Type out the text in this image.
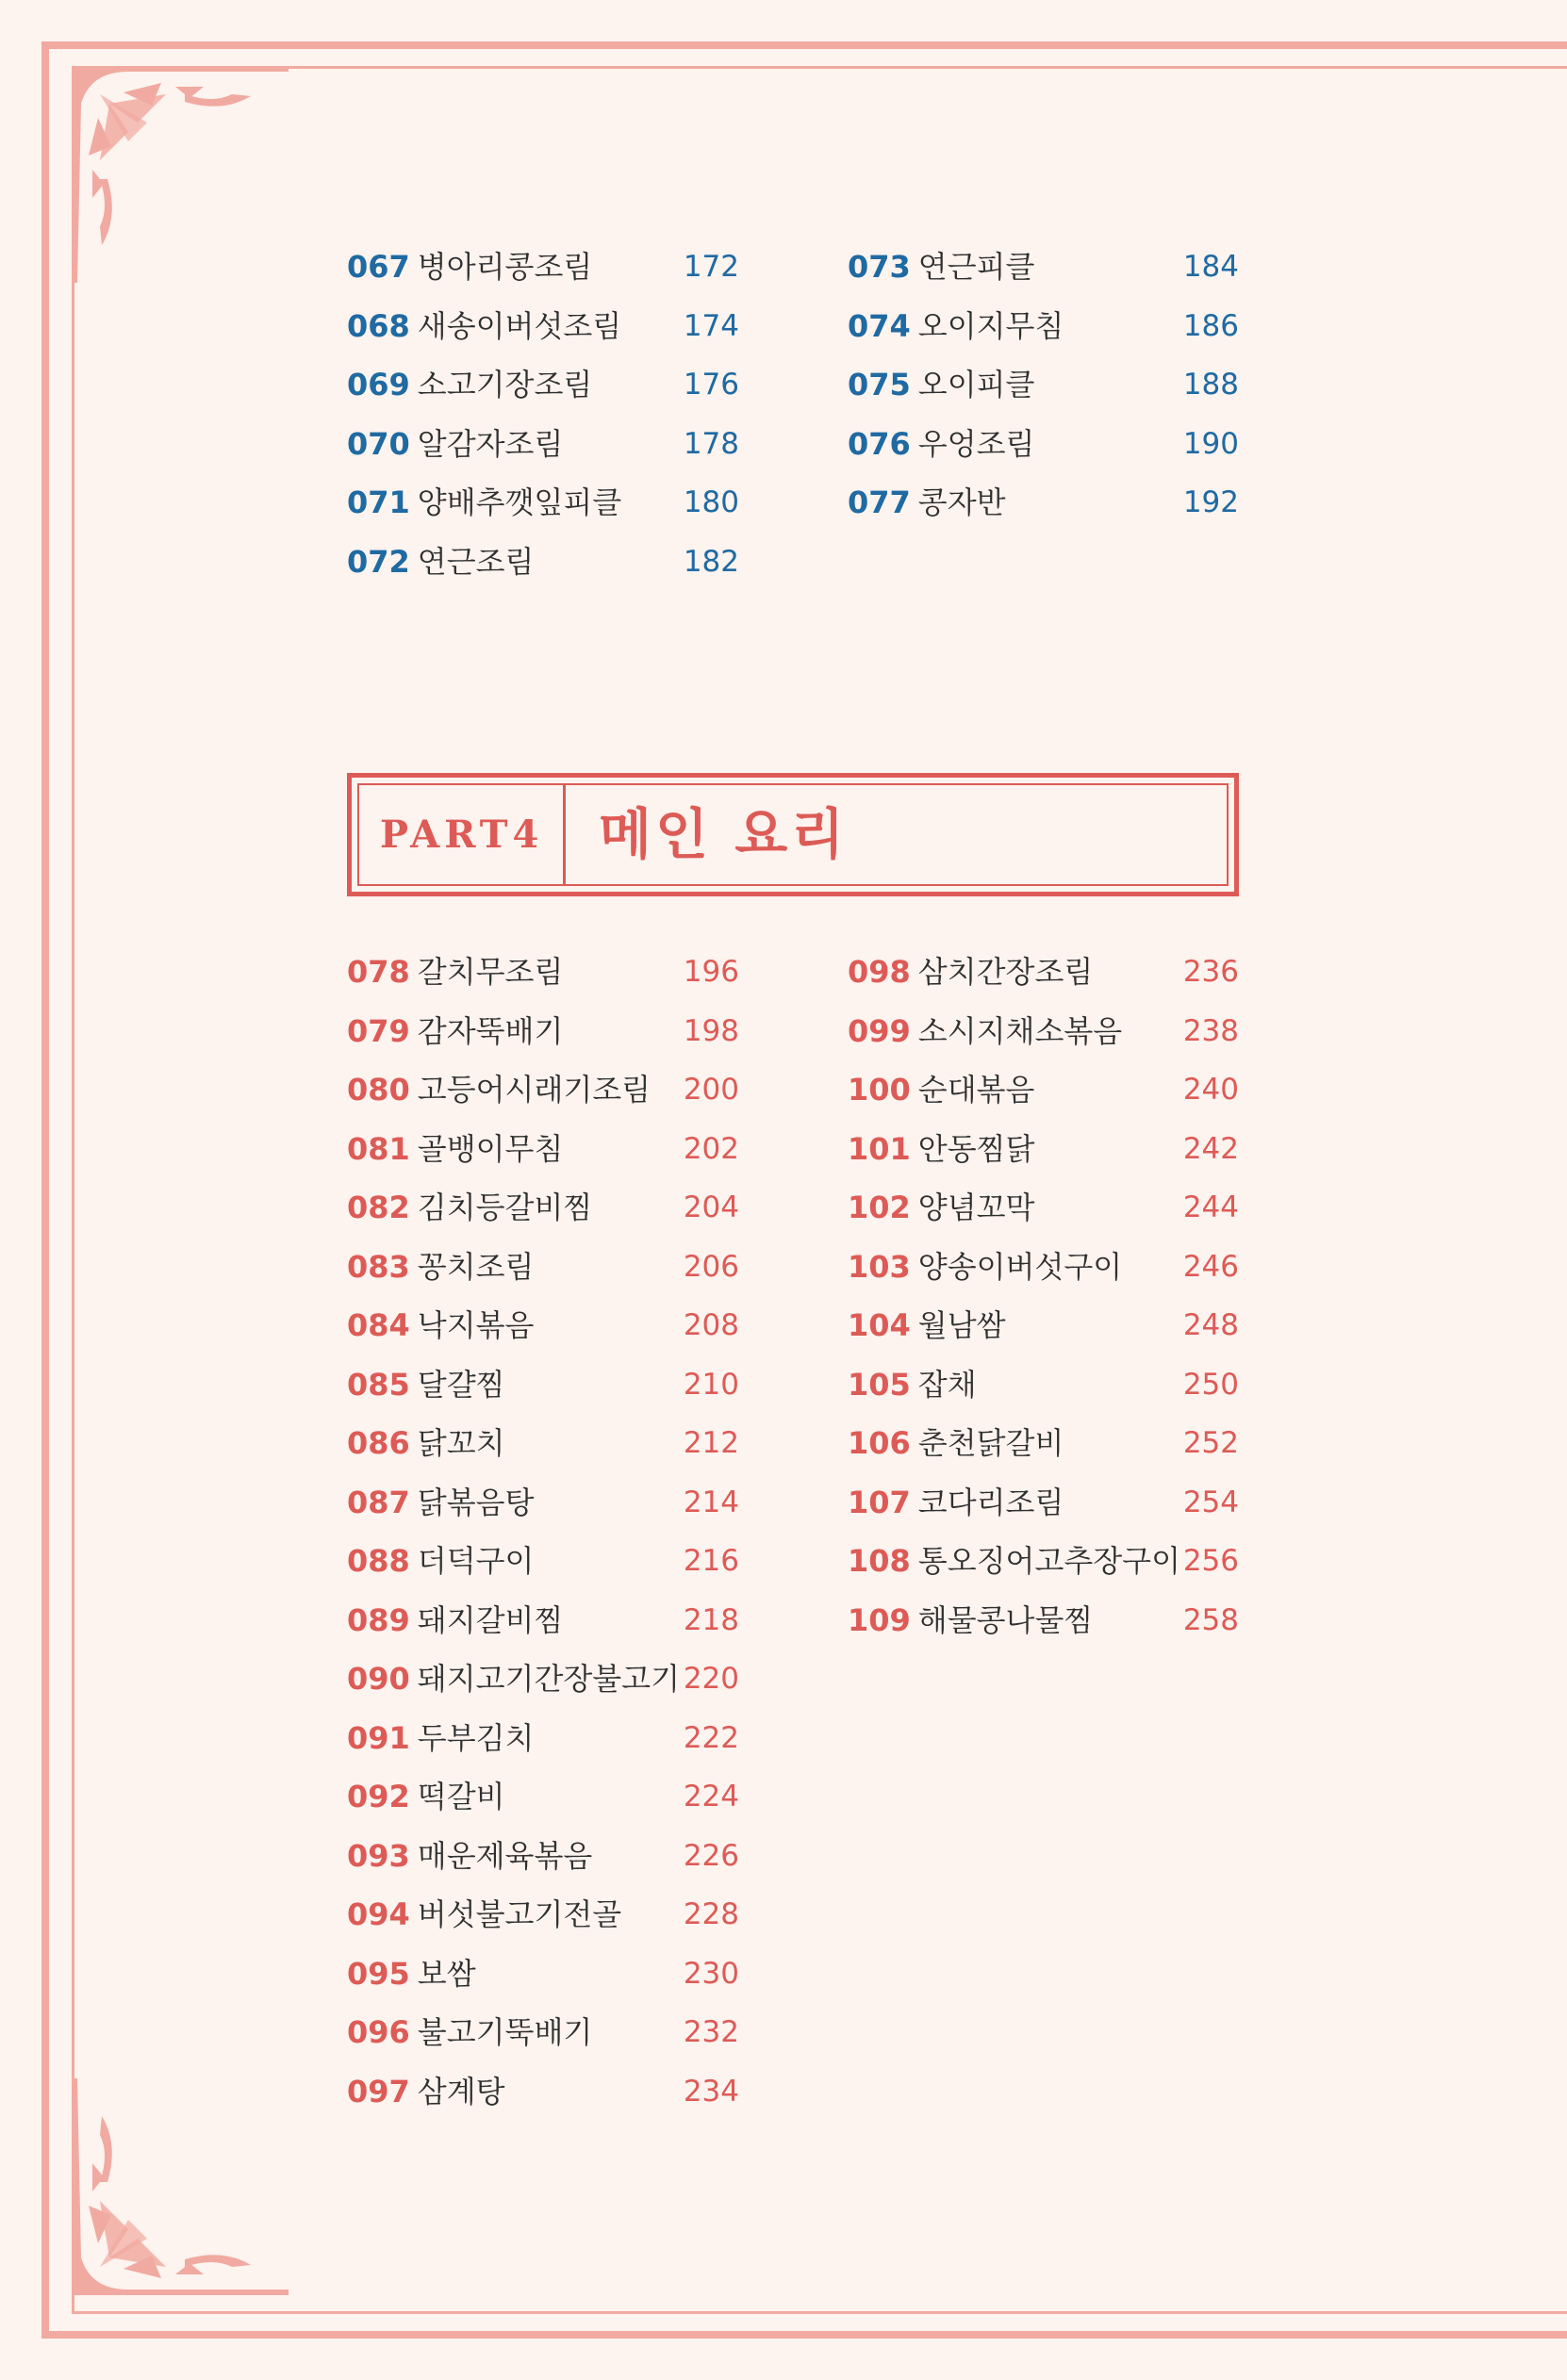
067 병아리콩조림	172
068 새송이버섯조림 174
069 소고기장조림	176
070 알감자조림	178
071 양배추깻잎피클 180
072 연근조림	182
073 연근피클	184
074 오이지무침	186
075 오이피클	188
076 우엉조림	190
077 콩자반	192
PART4 메인 요리
078 갈치무조림	196
079 감자뚝배기	198
080 고등어시래기조림 200
081 골뱅이무침	202
082 김치등갈비찜	204
083 꽁치조림	206
084 낙지볶음	208
085 달걀찜	210
086 닭꼬치	212
087 닭볶음탕	214
088 더덕구이	216
089 돼지갈비찜	218
090 돼지고기간장불고기 220
091 두부김치	222
092 떡갈비	224
093 매운제육볶음	226
094 버섯불고기전골 228
095 보쌈	230
096 불고기뚝배기	232
097 삼계탕	234
098 삼치간장조림	236
099 소시지채소볶음 238
100 순대볶음	240
101 안동찜닭	242
102 양념꼬막	244
103 양송이버섯구이 246
104 월남쌈	248
105 잡채	250
106 춘천닭갈비	252
107 코다리조림	254
108 통오징어고추장구이 256
109 해물콩나물찜	258
